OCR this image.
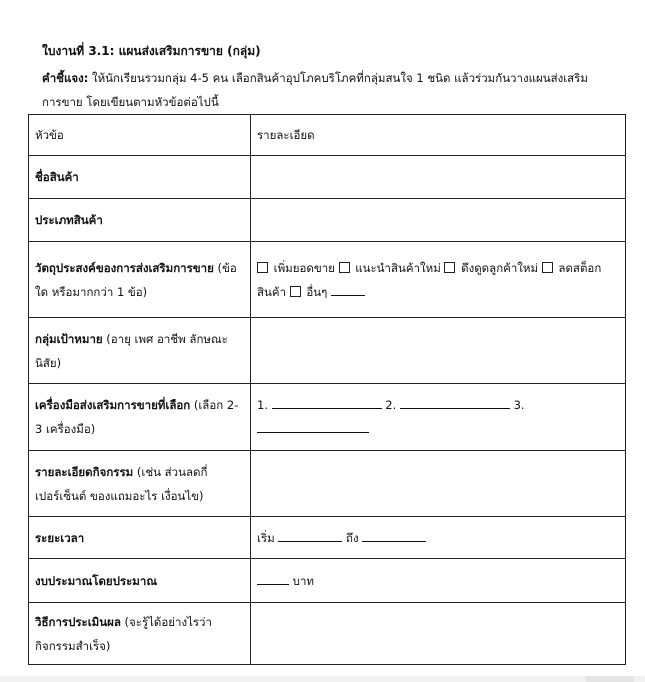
ใบงานที่ 3.1: แผนส่งเสริมการขาย (กลุ่ม)
คำชี้แจง: ให้นักเรียนรวมกลุ่ม 4-5 คน เลือกสินค้าอุปโภคบริโภคที่กลุ่มสนใจ 1 ชนิด แล้วร่วมกันวางแผนส่งเสริมการขาย โดยเขียนตามหัวข้อต่อไปนี้
หัวข้อ	รายละเอียด
ชื่อสินค้า	
ประเภทสินค้า	
วัตถุประสงค์ของการส่งเสริมการขาย (ข้อใด หรือมากกว่า 1 ข้อ)	เพิ่มยอดขาย แนะนำสินค้าใหม่ ดึงดูดลูกค้าใหม่ ลดสต็อกสินค้า อื่นๆ
กลุ่มเป้าหมาย (อายุ เพศ อาชีพ ลักษณะนิสัย)	
เครื่องมือส่งเสริมการขายที่เลือก (เลือก 2-3 เครื่องมือ)	1. 2. 3.

รายละเอียดกิจกรรม (เช่น ส่วนลดกี่เปอร์เซ็นต์ ของแถมอะไร เงื่อนไข)	
ระยะเวลา	เริ่ม ถึง
งบประมาณโดยประมาณ	บาท
วิธีการประเมินผล (จะรู้ได้อย่างไรว่ากิจกรรมสำเร็จ)	
